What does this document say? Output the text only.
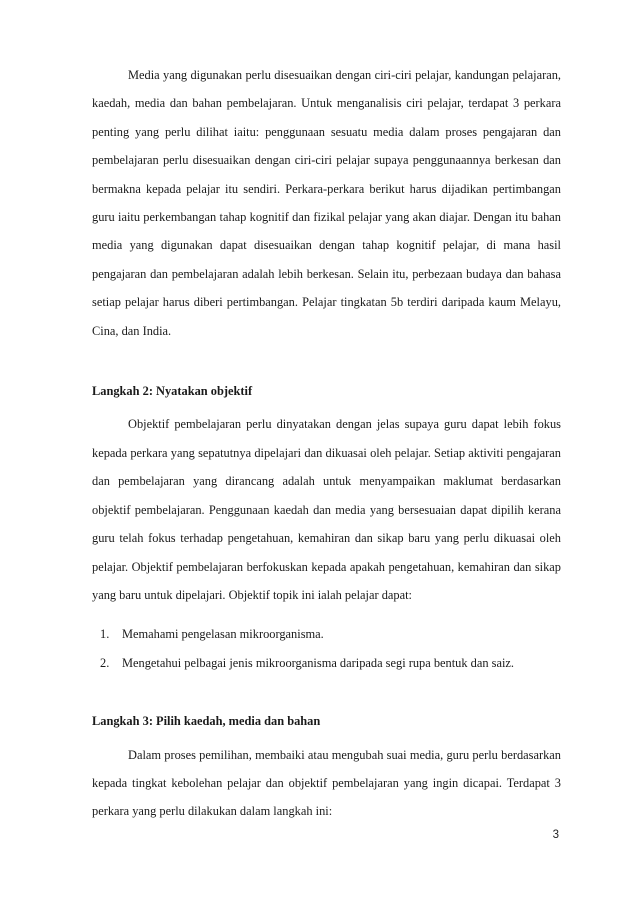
Media yang digunakan perlu disesuaikan dengan ciri-ciri pelajar, kandungan pelajaran, kaedah, media dan bahan pembelajaran. Untuk menganalisis ciri pelajar, terdapat 3 perkara penting yang perlu dilihat iaitu: penggunaan sesuatu media dalam proses pengajaran dan pembelajaran perlu disesuaikan dengan ciri-ciri pelajar supaya penggunaannya berkesan dan bermakna kepada pelajar itu sendiri. Perkara-perkara berikut harus dijadikan pertimbangan guru iaitu perkembangan tahap kognitif dan fizikal pelajar yang akan diajar. Dengan itu bahan media yang digunakan dapat disesuaikan dengan tahap kognitif pelajar, di mana hasil pengajaran dan pembelajaran adalah lebih berkesan. Selain itu, perbezaan budaya dan bahasa setiap pelajar harus diberi pertimbangan. Pelajar tingkatan 5b terdiri daripada kaum Melayu, Cina, dan India.

Langkah 2: Nyatakan objektif

Objektif pembelajaran perlu dinyatakan dengan jelas supaya guru dapat lebih fokus kepada perkara yang sepatutnya dipelajari dan dikuasai oleh pelajar. Setiap aktiviti pengajaran dan pembelajaran yang dirancang adalah untuk menyampaikan maklumat berdasarkan objektif pembelajaran. Penggunaan kaedah dan media yang bersesuaian dapat dipilih kerana guru telah fokus terhadap pengetahuan, kemahiran dan sikap baru yang perlu dikuasai oleh pelajar. Objektif pembelajaran berfokuskan kepada apakah pengetahuan, kemahiran dan sikap yang baru untuk dipelajari. Objektif topik ini ialah pelajar dapat:

1. Memahami pengelasan mikroorganisma.
2. Mengetahui pelbagai jenis mikroorganisma daripada segi rupa bentuk dan saiz.

Langkah 3: Pilih kaedah, media dan bahan

Dalam proses pemilihan, membaiki atau mengubah suai media, guru perlu berdasarkan kepada tingkat kebolehan pelajar dan objektif pembelajaran yang ingin dicapai. Terdapat 3 perkara yang perlu dilakukan dalam langkah ini:

3
